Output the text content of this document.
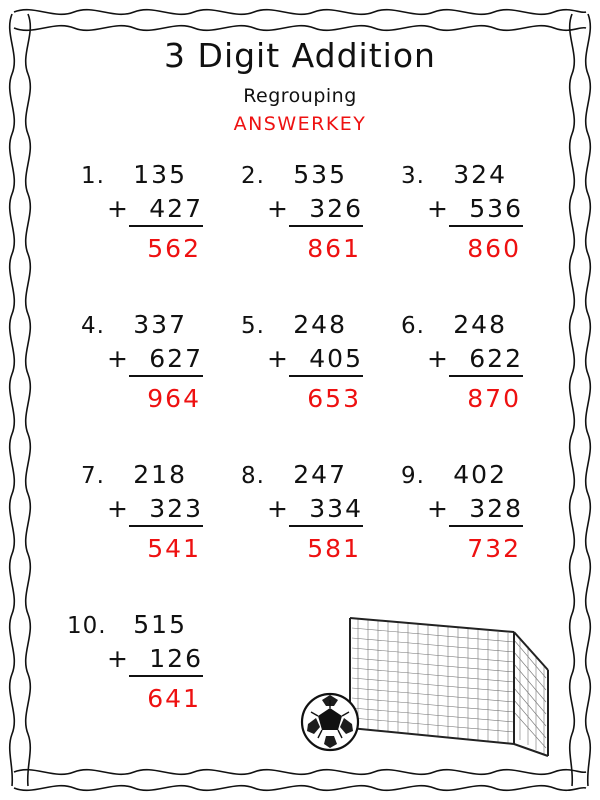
3 Digit Addition
Regrouping
ANSWERKEY
1.	135
+ 427
562
2.	535
+ 326
861
3.	324
+ 536
860
4.	337
+ 627
964
5.	248
+ 405
653
6.	248
+ 622
870
7.	218
+ 323
541
8.	247
+ 334
581
9.	402
+ 328
732
10.	515
+ 126
641
